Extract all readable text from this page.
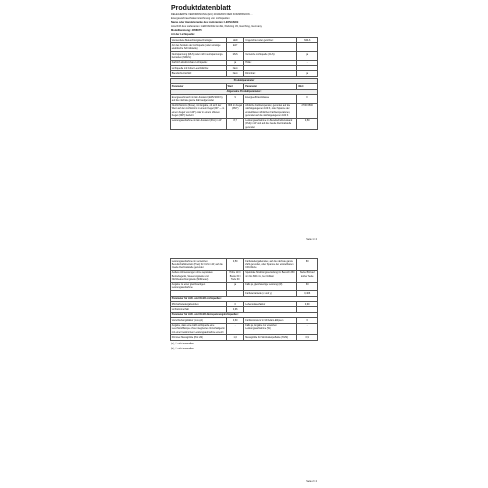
Produktdatenblatt
DELEGIERTE VERORDNUNG (EU) 2019/2015 DER KOMMISSION ...
Energieverbrauchskennzeichnung von Lichtquellen
Name oder Handelsmarke des Lieferanten: LEDVANCE
Anschrift des Lieferanten: LEDVANCE GmbH, Parkring 33, Garching, Germany
Modellkennung: 4058075
Art der Lichtquelle:
Verwendete Beleuchtungstechnologie:	LED	Ungerichtet oder gerichtet:	NDLS
Art des Sockels der Lichtquelle (oder sonstige elektrische Schnittstelle)	E27		
Netzspannung (MLS) oder nicht netzspannungs-betrieben (NMLS):	MLS	Vernetzte Lichtquelle (CLS):	ja
Farblich abstimmbare Lichtquelle:	ja	Hülle:	-
Lichtquelle mit hoher Leuchtdichte:	Nein		
Blendschutzschild:	Nein	Dimmbar:	ja
Produktparameter			
Parameter	Wert	Parameter	Wert
Allgemeine Produktparameter:			
Energieverbrauch im Ein-Zustand (kWh/1000 h), auf die nächste ganze Zahl aufgerundet	9	Energieeffizienzklasse	F
Nutzlichtstrom (Φuse), mit Angabe, ob sich der Wert auf den Lichtstrom in einem Kegel (90° — in einem Kegel von 120°) oder in einem offenen Kegel (360°) bezieht	806 im Kegel (360°)	Ähnliche Farbtemperatur, gerundet auf die nächstgelegenen 100 K, oder Spanne der einstellbaren ähnlichen Farbtemperaturen, gerundet auf die nächstgelegenen 100 K	2700 6500
Leistungsaufnahme im Ein-Zustand (Pon) in W	8,7	Leistungsaufnahme im Bereitschaftszustand (Psb) in W und auf die zweite Dezimalstelle gerundet	0,50
Seite 1 / 2
Leistungsaufnahme im vernetzten Bereitschaftsbetrieb (Pnet) für CLS in W, auf die zweite Dezimalstelle gerundet	0,50	Farbwiedergabeindex, auf die nächste ganze Zahl gerundet, oder Spanne der einstellbaren CRI-Werte	80
Äußere Abmessungen ohne separates Betriebsgerät, Steuerungsteile und Nichtbeleuchtungsteile (Millimeter)	Höhe 113 / Breite 60 / Tiefe 60	Spektrale Strahlungsverteilung im Bereich 250 nm bis 800 nm, bei Volllast	Siehe Bild auf letzter Seite
Angabe zu einer gleichwertigen Leistungsaufnahme	ja	Falls ja, gleichwertige Leistung (W)	60
		Farbwertanteile (x und y)	0,406
Parameter für LED- und OLED-Lichtquellen:			
R9-Farbwiedergabeindex	0	Lebensdauerfaktor	0,90
Lichtstromerhalt	0,96		
Parameter für LED- und OLED-Netzspannungslichtquellen:			
Verschiebungsfaktor (cos φ1)	0,60	Farbkonsistenz in McAdam-Ellipsen	6
Angabe, dass eine LED-Lichtquelle eine Leuchtstofflampe ohne integriertes Vorschaltgerät mit einer bestimmten Leistungsaufnahme ersetzt	-	Falls ja, Angabe zur ersetzten Leistungsaufnahme (W)	-
Flimmer-Messgröße (Pst LM)	1,0	Messgröße für Stroboskopeffekte (SVM)	0,9
(a) „-“: nicht anwendbar
(b) „-“: nicht anwendbar
Seite 2 / 2
